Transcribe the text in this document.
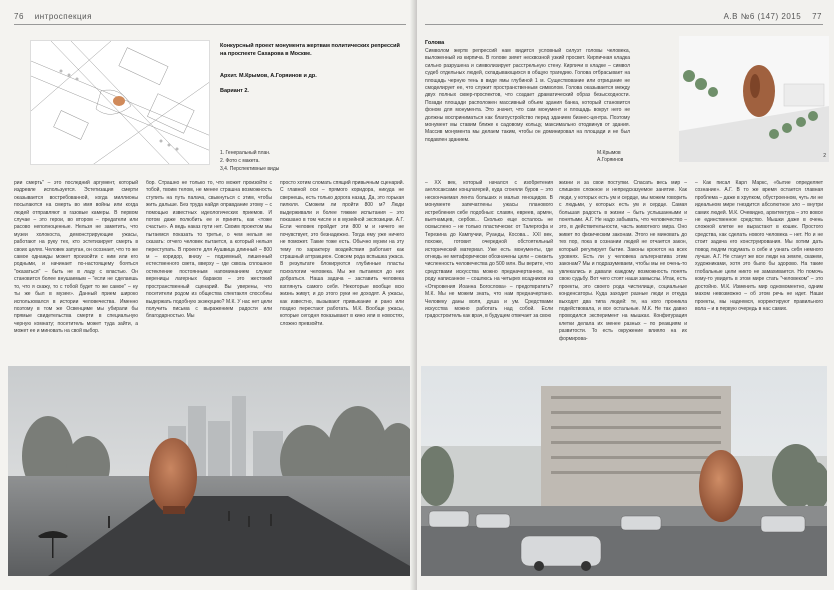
76 интроспекция
Конкурсный проект монумента жертвам политических репрессий на проспекте Сахарова в Москве.
Архит. М.Крымов, А.Горяинов и др.
Вариант 2.
1. Генеральный план.
2. Фото с макета.
3,4. Перспективные виды
рии смерть" – это последний аргумент, который издревле используется. Эстетизация смерти оказывается востребованной, когда миллионы посылаются на смерть во имя войны или когда людей отправляют в газовые камеры. В первом случае – это герои, во втором – предатели или расово неполноценные. Нельзя не заметить, что музеи холокоста, демонстрирующие ужасы, работают на руку тех, кто эстетизирует смерть в своих целях. Человек запуган, он осознает, что то же самое однажды может произойти с ним или его родными, и начинает по-настоящему бояться "оказаться" – быть не в ладу с властью. Он становится более внушаемым – "если не сделаешь то, что я скажу, то с тобой будет то же самое" – ну ты же был в музее». Данный прием широко использовался в истории человечества. Именно поэтому в том же Освенциме мы убирали бы прямые свидетельства смерти в специальную черную комнату; посетитель может туда зайти, а может ее и миновать на свой выбор.
бор. Страшно не только то, что может произойти с тобой, твоим телом, не менее страшна возможность ступить на путь палача, свыкнуться с этим, чтобы жить дальше. Без труда найдя оправдание этому – с помощью известных идеологических приемов. И потом даже полюбить ее и принять, как «тоже счастье». А ведь наказ пути нет. Своим проектом мы пытаемся показать то третье, о чем нельзя не сказать: отчего человек пытается, а который нельзя переступать. В проекте для Аушвица длинный – 800 м – коридор, внизу – подземный, лишенный естественного света, вверху – где сквозь сплошное остекление постоянным напоминанием служат вереницы лагерных бараков – это жестокий пространственный сценарий. Вы уверены, что посетители родом из общества спектакля способны выдержать подобную экзекуцию? М.К. У нас нет цели получить письма с выражением радости или благодарностью. Мы
просто хотим сломать спящий привычным сценарий. С главной оси – прямого коридора, никуда не свернешь, есть только дорога назад. Да, это горькая пилюля. Сможем ли пройти 800 м? Люди выдерживали и более тяжкие испытания – это показано в том числе и в музейной экспозиции. А.Г. Если человек пройдет эти 800 м и ничего не почувствует, это безнадежно. Тогда ему уже ничего не поможет. Такие тоже есть. Обычно музеи на эту тему по характеру воздействия работают как страшный аттракцион. Совсем рода вспышка ужаса. В результате блокируются глубинные пласты психологии человека. Мы же пытаемся до них добраться. Наша задача – заставить человека взглянуть самого себя. Некоторые вообще всю жизнь живут, и до этого руки не доходят. А ужасы, как известно, вызывают привыкание и рано или поздно перестают работать. М.К. Вообще ужасы, которые сегодня показывают в кино или в новостях, сложно превзойти.
А.В №6 (147) 2015 77
Голова
Символом жертв репрессий нам видится условный силуэт головы человека, выложенный из кирпича. В голове зияет несквозной узкий просвет. Кирпичная кладка сильно разрушена и символизирует расстрельную стену. Кирпичи в кладке – символ судеб отдельных людей, складывающихся в общую трагедию. Голова отбрасывает на площадь черную тень в виде ямы глубиной 1 м. Существование или отрицание не смоделирует ее, что служит пространственным символом. Голова оказывается между двух полных сквер-проспектов, что создает драматический образ безысходности. Позади площади расположен массивный объем здания банка, который становится фоном для монумента. Это значит, что сам монумент и площадь вокруг него не должны восприниматься как благоустройство перед зданием бизнес-центра. Поэтому монумент мы ставим ближе к садовому кольцу, максимально отодвинув от здания. Массив монумента мы делаем таким, чтобы он доминировал на площади и не был подавлен зданием.
М.Крымов
А.Горяинов
2
– XX век, который начался с изобретения англосаксами концлагерей, куда сгоняли буров – это нескончаемая лента больших и малых геноцидов. В монументе запечатлены ужасы планового истребления себе подобных: славян, евреев, армян, вьетнамцев, сербов... Сколько еще осталось не осмыслено – не только пластически: от Талергофа и Терезина до Кампучии, Руанды, Косова... XXI век, похоже, готовит очередной обстоятельный исторический материал. Уже есть монументы, где отнюдь не метафорически обозначены цели – снизить численность человечества до 500 млн. Вы верите, что средствами искусства можно предначертанное, на роду написанное – сошлюсь на четырех всадников из «Откровения Иоанна Богослова» – предотвратить? М.К. Мы не можем знать, что нам предначертано. Человеку даны воля, душа и ум. Средствами искусства можно работать над собой. Если градостроитель как врач, в будущем отвечает за свою
жизни и за свои поступки. Спасать весь мир – слишком сложное и непредсказуемое занятие. Как люди, у которых есть ум и сердце, мы можем говорить с людьми, у которых есть ум и сердце. Самая большая радость в жизни – быть услышанными и понятыми. А.Г. Не надо забывать, что человечество – это, в действительности, часть животного мира. Оно живет по физическим законам. Этого не миновать до тех пор, пока в сознании людей не отчается закон, который регулирует бытие. Законы кроются на всех уровнях. Есть ли у человека альтернатива этим законам? Мы и подразумеваем, чтобы мы не очень-то увлекались и давали каждому возможность понять свою судьбу. Вот чего стоят наши замыслы. Итак, есть проекты, это своего рода чистилище, социальные конденсаторы. Куда заходит разные люди и откуда выходят два типа людей: те, на кого проникла подействовала, и все остальные. М.К. Не так давно проводился эксперимент на мышках. Конфигурация клетки делала их менее разных – по реакциям и развитости. То есть окружение влияло на их формирова-
– Как писал Карл Маркс, «бытие определяет сознание». А.Г. В то же время остается главная проблема – даже в хрупком, обустроенном, чуть ли не идеальном мире гнездится абсолютное зло – внутри самих людей. М.К. Очевидно, архитектура – это вовсе не единственное средство. Мышки даже в очень сложной клетке не вырастают в кошек. Простого средства, как сделать нового человека – нет. Но и не стоит задача его конструирования. Мы хотим дать повод людям подумать о себе и узнать себя немного лучше. А.Г. Не станут же все люди на земле, скажем, художниками, хотя это было бы здорово. На такие глобальные цели никто не замахивается. Но помочь кому-то увидеть в этом мире стать "человеком" – это достойно. М.К. Изменить мир одномоментно, одним махом невозможно – об этом речь не идет. Наши проекты, мы надеемся, корректируют правильного вола – и в первую очередь в нас самих.
